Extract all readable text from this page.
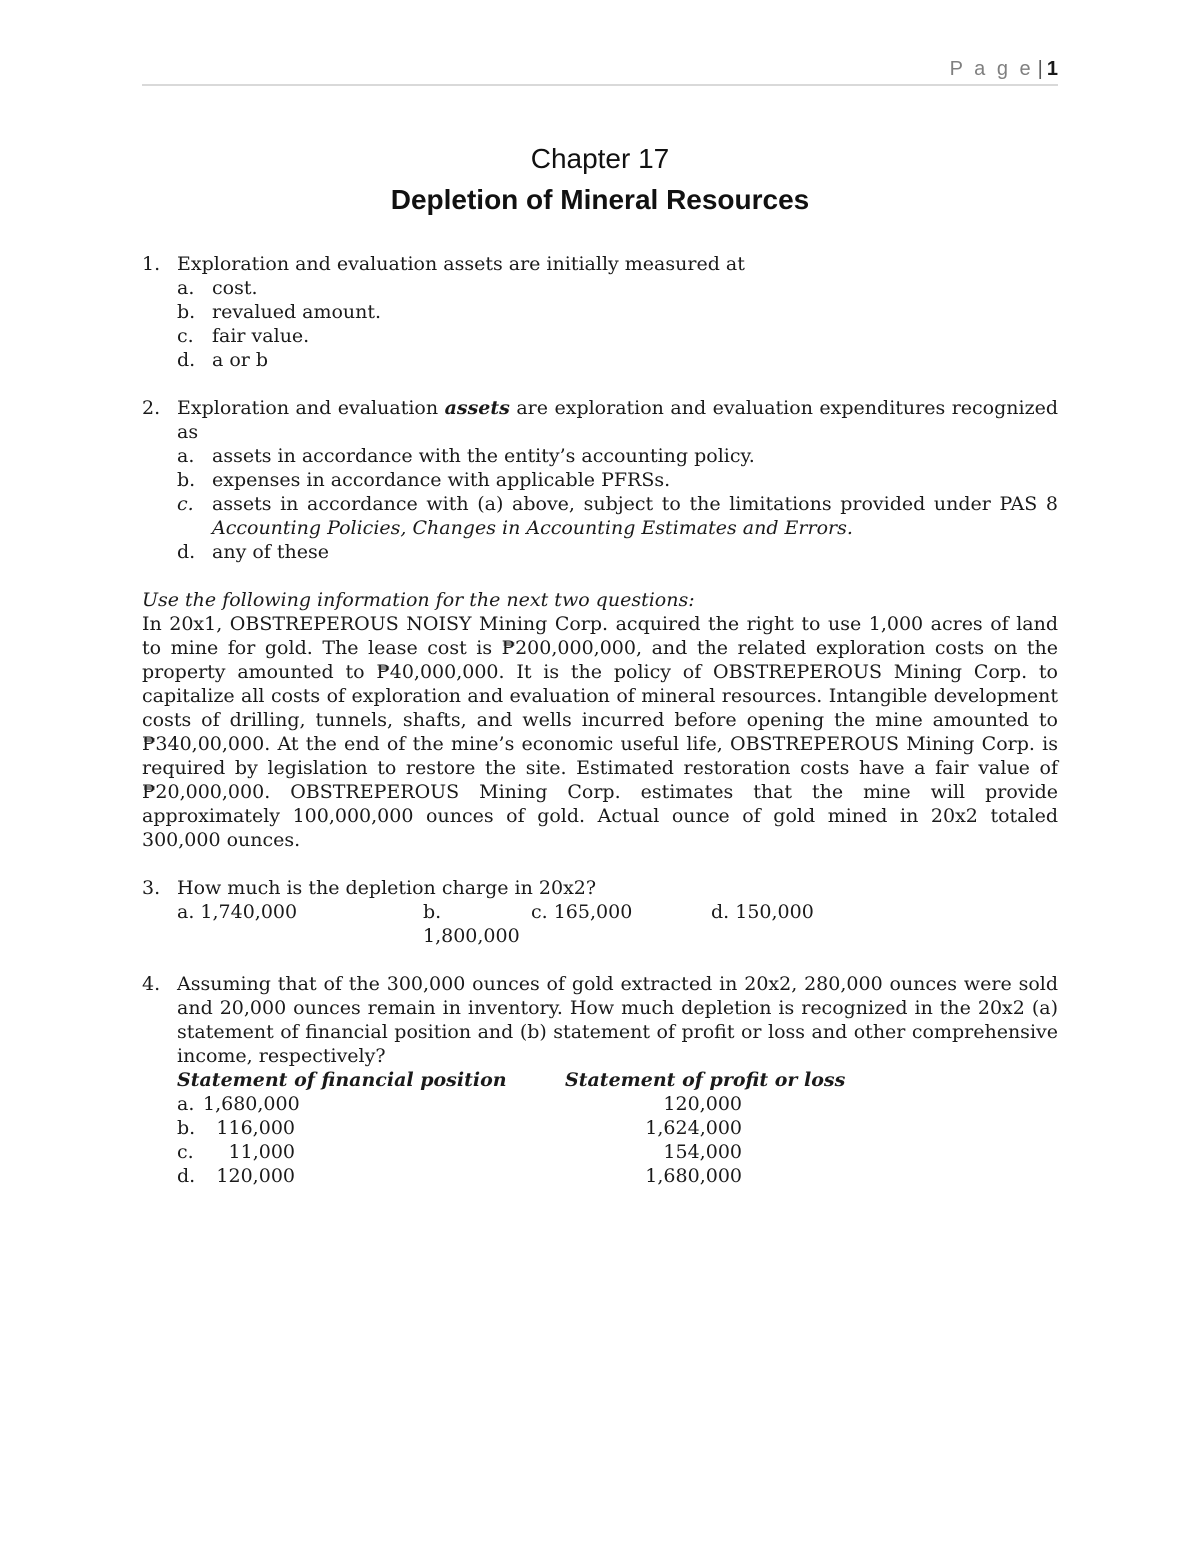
P a g e | 1
Chapter 17
Depletion of Mineral Resources
1. Exploration and evaluation assets are initially measured at
a. cost.
b. revalued amount.
c. fair value.
d. a or b
2. Exploration and evaluation assets are exploration and evaluation expenditures recognized as
a. assets in accordance with the entity’s accounting policy.
b. expenses in accordance with applicable PFRSs.
c. assets in accordance with (a) above, subject to the limitations provided under PAS 8 Accounting Policies, Changes in Accounting Estimates and Errors.
d. any of these
Use the following information for the next two questions:
In 20x1, OBSTREPEROUS NOISY Mining Corp. acquired the right to use 1,000 acres of land to mine for gold. The lease cost is ₱200,000,000, and the related exploration costs on the property amounted to ₱40,000,000. It is the policy of OBSTREPEROUS Mining Corp. to capitalize all costs of exploration and evaluation of mineral resources. Intangible development costs of drilling, tunnels, shafts, and wells incurred before opening the mine amounted to ₱340,00,000. At the end of the mine’s economic useful life, OBSTREPEROUS Mining Corp. is required by legislation to restore the site. Estimated restoration costs have a fair value of ₱20,000,000. OBSTREPEROUS Mining Corp. estimates that the mine will provide approximately 100,000,000 ounces of gold. Actual ounce of gold mined in 20x2 totaled 300,000 ounces.
3. How much is the depletion charge in 20x2?
a. 1,740,000	b. 1,800,000
c. 165,000	d. 150,000
4. Assuming that of the 300,000 ounces of gold extracted in 20x2, 280,000 ounces were sold and 20,000 ounces remain in inventory. How much depletion is recognized in the 20x2 (a) statement of financial position and (b) statement of profit or loss and other comprehensive income, respectively?
Statement of financial position	Statement of profit or loss
a. 1,680,000	120,000
b.	116,000	1,624,000
c.	11,000	154,000
d.	120,000	1,680,000
